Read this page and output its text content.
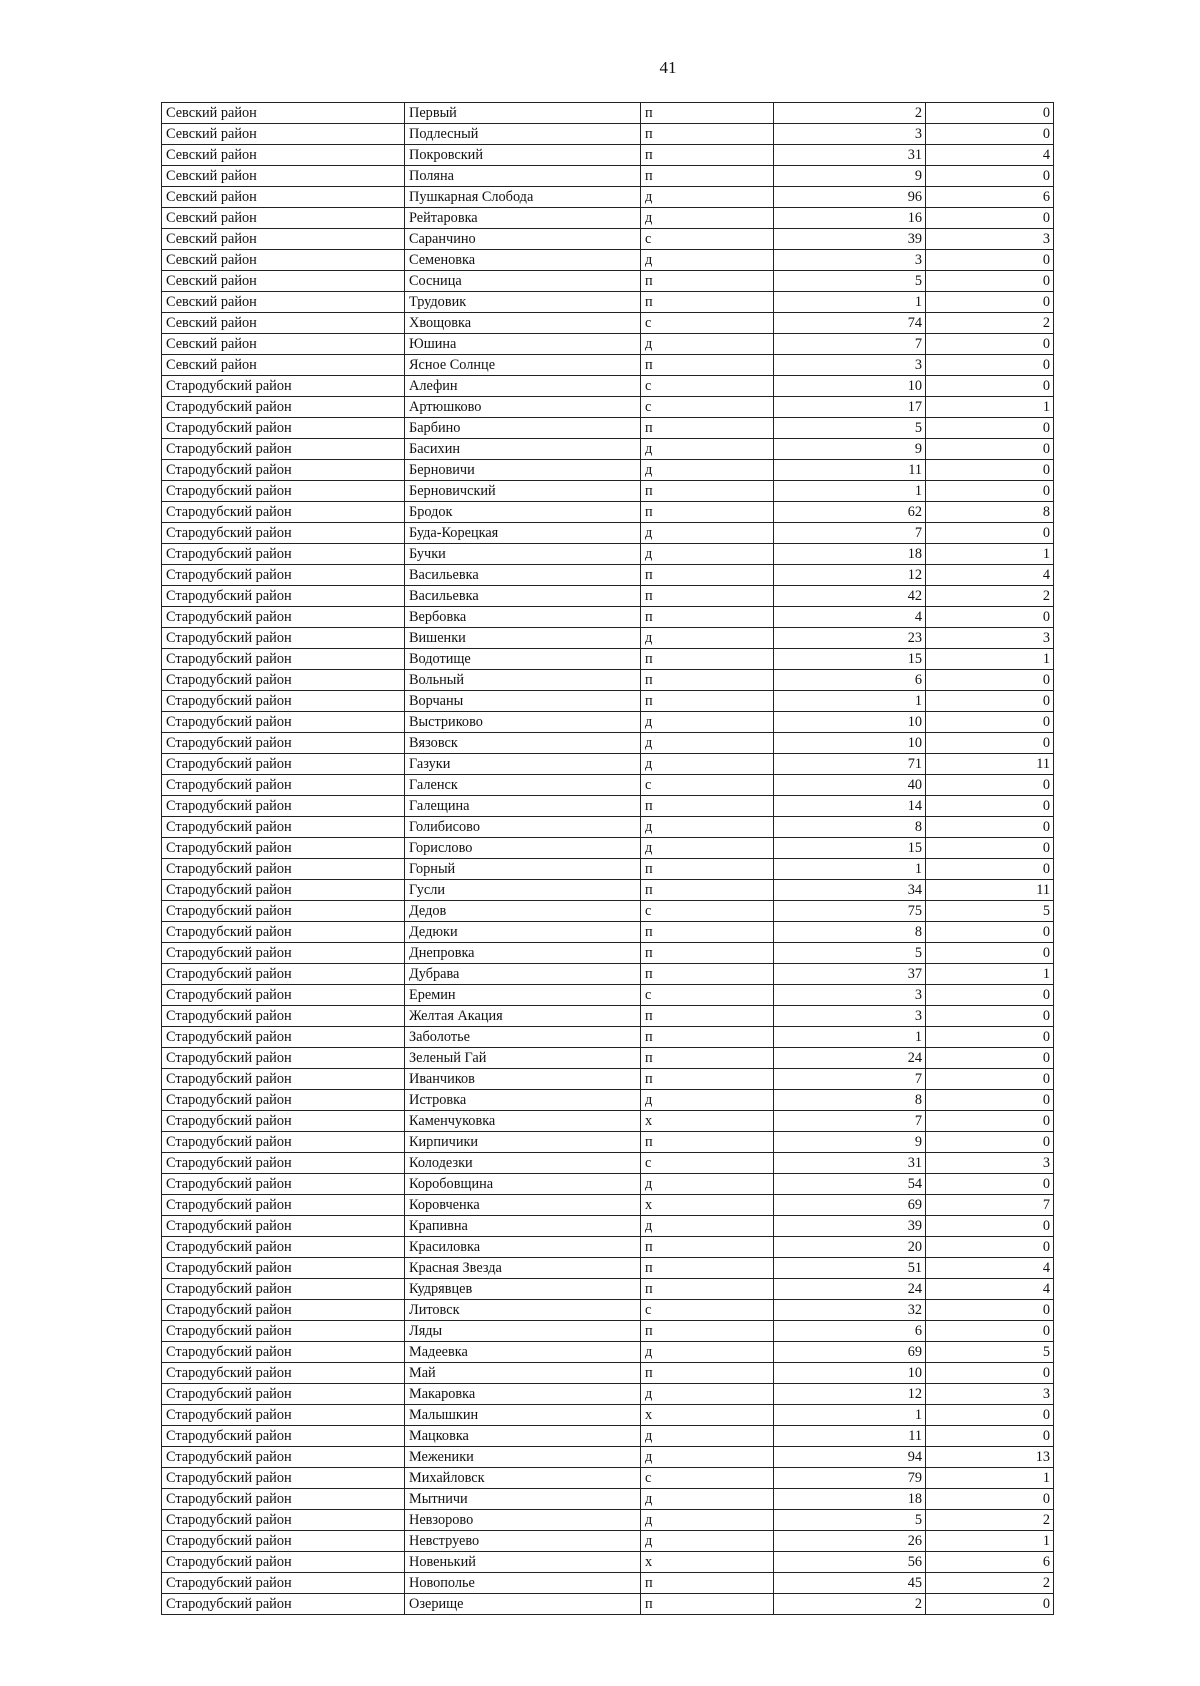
41
Севский район	Первый	п	2	0
Севский район	Подлесный	п	3	0
Севский район	Покровский	п	31	4
Севский район	Поляна	п	9	0
Севский район	Пушкарная Слобода	д	96	6
Севский район	Рейтаровка	д	16	0
Севский район	Саранчино	с	39	3
Севский район	Семеновка	д	3	0
Севский район	Сосница	п	5	0
Севский район	Трудовик	п	1	0
Севский район	Хвощовка	с	74	2
Севский район	Юшина	д	7	0
Севский район	Ясное Солнце	п	3	0
Стародубский район	Алефин	с	10	0
Стародубский район	Артюшково	с	17	1
Стародубский район	Барбино	п	5	0
Стародубский район	Басихин	д	9	0
Стародубский район	Берновичи	д	11	0
Стародубский район	Берновичский	п	1	0
Стародубский район	Бродок	п	62	8
Стародубский район	Буда-Корецкая	д	7	0
Стародубский район	Бучки	д	18	1
Стародубский район	Васильевка	п	12	4
Стародубский район	Васильевка	п	42	2
Стародубский район	Вербовка	п	4	0
Стародубский район	Вишенки	д	23	3
Стародубский район	Водотище	п	15	1
Стародубский район	Вольный	п	6	0
Стародубский район	Ворчаны	п	1	0
Стародубский район	Выстриково	д	10	0
Стародубский район	Вязовск	д	10	0
Стародубский район	Газуки	д	71	11
Стародубский район	Галенск	с	40	0
Стародубский район	Галещина	п	14	0
Стародубский район	Голибисово	д	8	0
Стародубский район	Горислово	д	15	0
Стародубский район	Горный	п	1	0
Стародубский район	Гусли	п	34	11
Стародубский район	Дедов	с	75	5
Стародубский район	Дедюки	п	8	0
Стародубский район	Днепровка	п	5	0
Стародубский район	Дубрава	п	37	1
Стародубский район	Еремин	с	3	0
Стародубский район	Желтая Акация	п	3	0
Стародубский район	Заболотье	п	1	0
Стародубский район	Зеленый Гай	п	24	0
Стародубский район	Иванчиков	п	7	0
Стародубский район	Истровка	д	8	0
Стародубский район	Каменчуковка	х	7	0
Стародубский район	Кирпичики	п	9	0
Стародубский район	Колодезки	с	31	3
Стародубский район	Коробовщина	д	54	0
Стародубский район	Коровченка	х	69	7
Стародубский район	Крапивна	д	39	0
Стародубский район	Красиловка	п	20	0
Стародубский район	Красная Звезда	п	51	4
Стародубский район	Кудрявцев	п	24	4
Стародубский район	Литовск	с	32	0
Стародубский район	Ляды	п	6	0
Стародубский район	Мадеевка	д	69	5
Стародубский район	Май	п	10	0
Стародубский район	Макаровка	д	12	3
Стародубский район	Малышкин	х	1	0
Стародубский район	Мацковка	д	11	0
Стародубский район	Меженики	д	94	13
Стародубский район	Михайловск	с	79	1
Стародубский район	Мытничи	д	18	0
Стародубский район	Невзорово	д	5	2
Стародубский район	Невструево	д	26	1
Стародубский район	Новенький	х	56	6
Стародубский район	Новополье	п	45	2
Стародубский район	Озерище	п	2	0
